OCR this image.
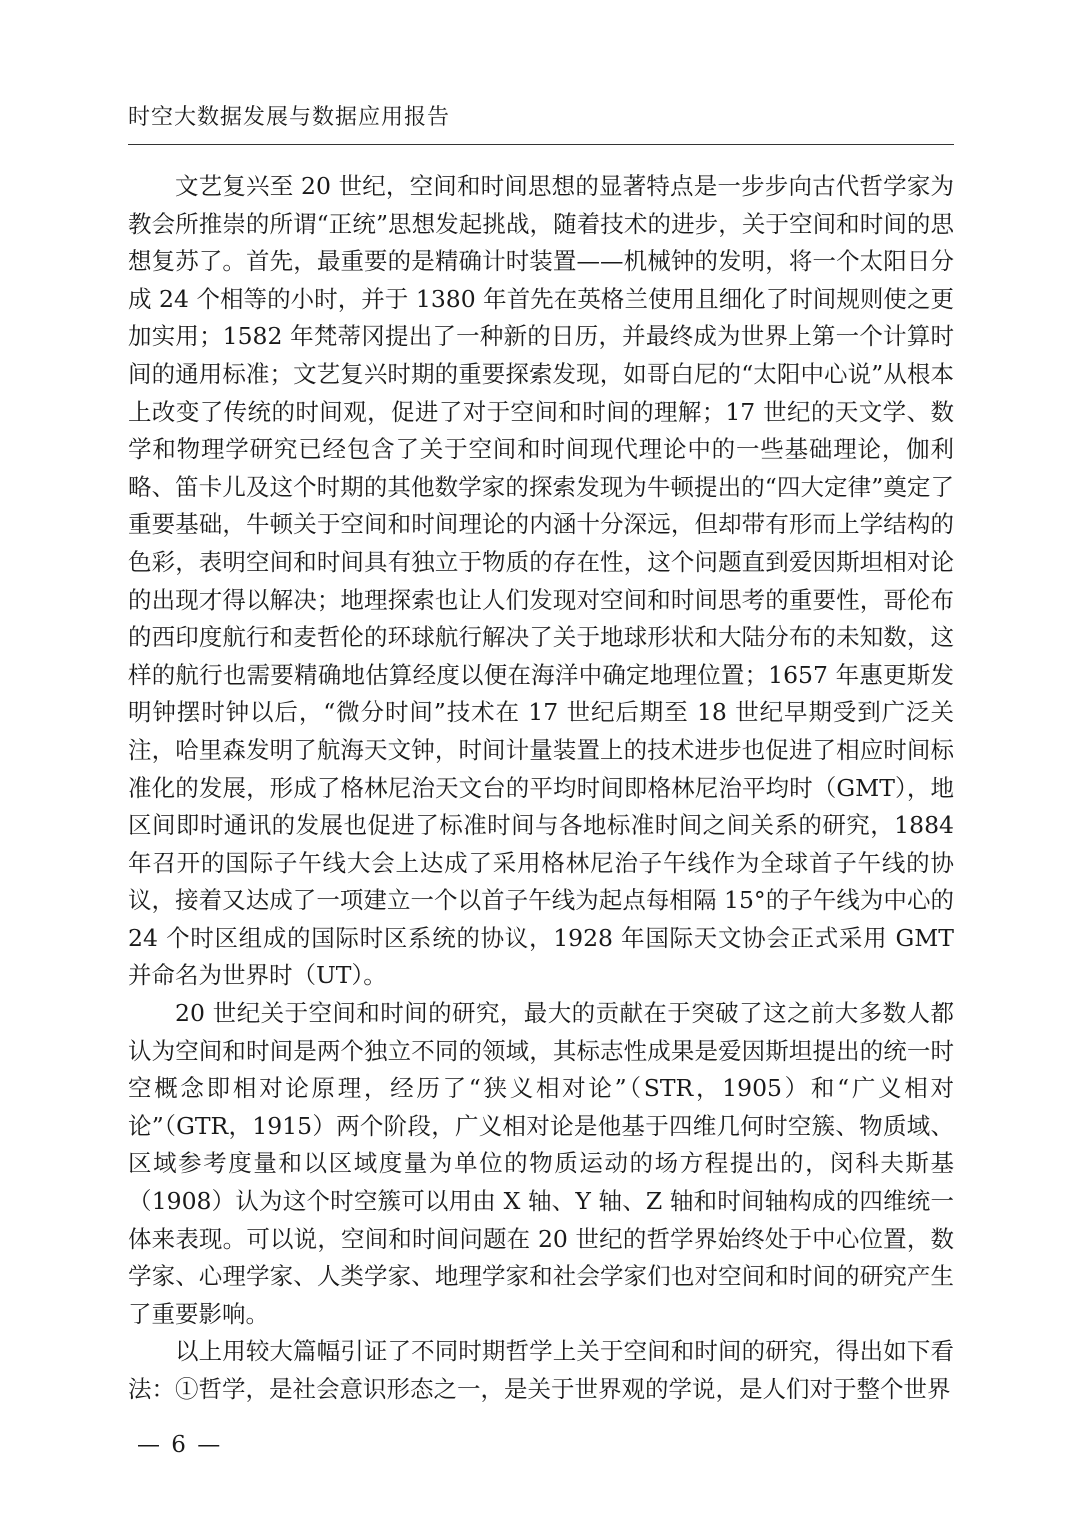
时空大数据发展与数据应用报告

文艺复兴至 20 世纪，空间和时间思想的显著特点是一步步向古代哲学家为教会所推崇的所谓“正统”思想发起挑战，随着技术的进步，关于空间和时间的思想复苏了。首先，最重要的是精确计时装置——机械钟的发明，将一个太阳日分成 24 个相等的小时，并于 1380 年首先在英格兰使用且细化了时间规则使之更加实用；1582 年梵蒂冈提出了一种新的日历，并最终成为世界上第一个计算时间的通用标准；文艺复兴时期的重要探索发现，如哥白尼的“太阳中心说”从根本上改变了传统的时间观，促进了对于空间和时间的理解；17 世纪的天文学、数学和物理学研究已经包含了关于空间和时间现代理论中的一些基础理论，伽利略、笛卡儿及这个时期的其他数学家的探索发现为牛顿提出的“四大定律”奠定了重要基础，牛顿关于空间和时间理论的内涵十分深远，但却带有形而上学结构的色彩，表明空间和时间具有独立于物质的存在性，这个问题直到爱因斯坦相对论的出现才得以解决；地理探索也让人们发现对空间和时间思考的重要性，哥伦布的西印度航行和麦哲伦的环球航行解决了关于地球形状和大陆分布的未知数，这样的航行也需要精确地估算经度以便在海洋中确定地理位置；1657 年惠更斯发明钟摆时钟以后，“微分时间”技术在 17 世纪后期至 18 世纪早期受到广泛关注，哈里森发明了航海天文钟，时间计量装置上的技术进步也促进了相应时间标准化的发展，形成了格林尼治天文台的平均时间即格林尼治平均时（GMT），地区间即时通讯的发展也促进了标准时间与各地标准时间之间关系的研究，1884 年召开的国际子午线大会上达成了采用格林尼治子午线作为全球首子午线的协议，接着又达成了一项建立一个以首子午线为起点每相隔 15°的子午线为中心的 24 个时区组成的国际时区系统的协议，1928 年国际天文协会正式采用 GMT 并命名为世界时（UT）。

20 世纪关于空间和时间的研究，最大的贡献在于突破了这之前大多数人都认为空间和时间是两个独立不同的领域，其标志性成果是爱因斯坦提出的统一时空概念即相对论原理，经历了“狭义相对论”（STR，1905）和“广义相对论”（GTR，1915）两个阶段，广义相对论是他基于四维几何时空簇、物质域、区域参考度量和以区域度量为单位的物质运动的场方程提出的，闵科夫斯基（1908）认为这个时空簇可以用由 X 轴、Y 轴、Z 轴和时间轴构成的四维统一体来表现。可以说，空间和时间问题在 20 世纪的哲学界始终处于中心位置，数学家、心理学家、人类学家、地理学家和社会学家们也对空间和时间的研究产生了重要影响。

以上用较大篇幅引证了不同时期哲学上关于空间和时间的研究，得出如下看法：①哲学，是社会意识形态之一，是关于世界观的学说，是人们对于整个世界

— 6 —
